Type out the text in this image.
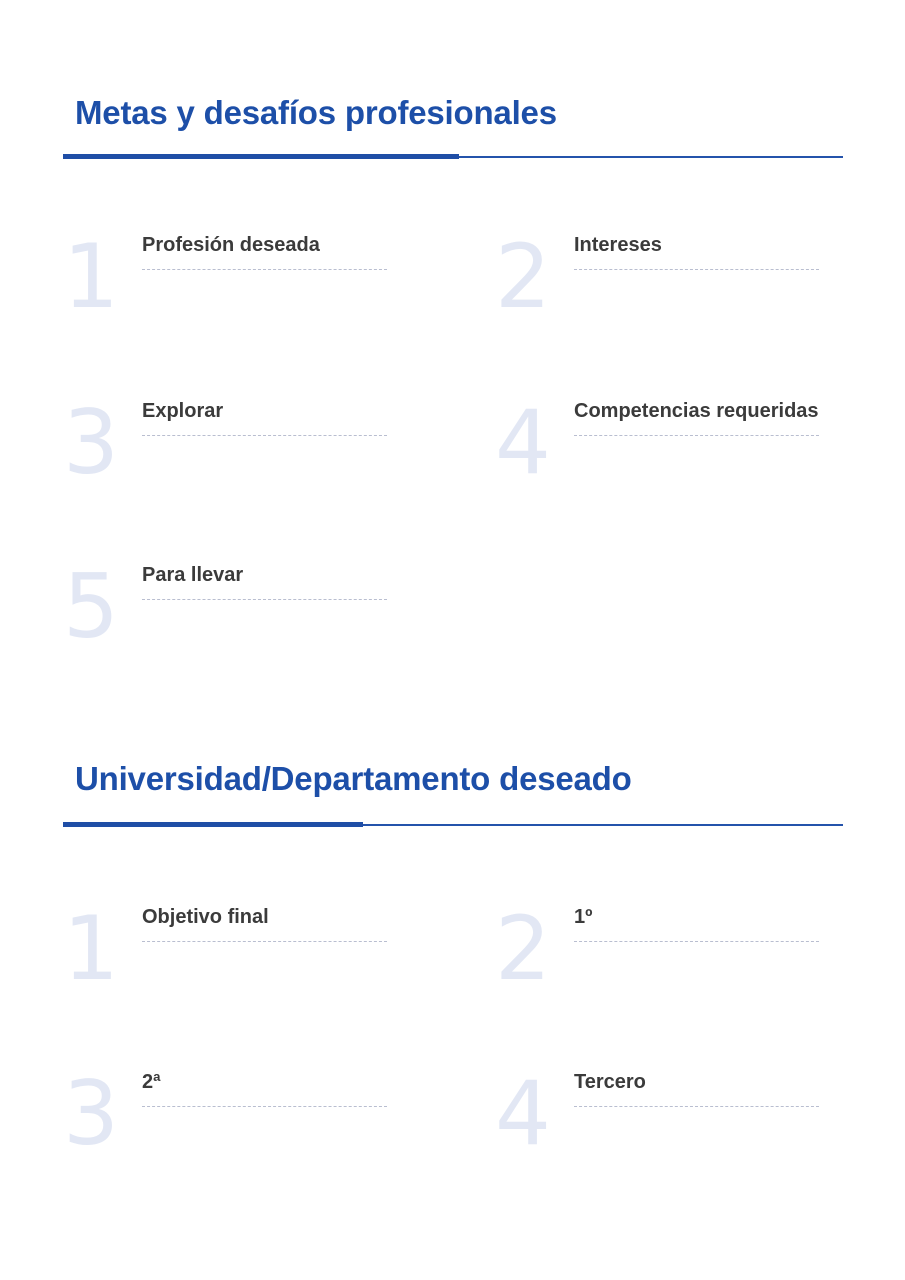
Metas y desafíos profesionales
1	Profesión deseada 2	Intereses
3	Explorar	4	Competencias requeridas
5	Para llevar
Universidad/Departamento deseado
1	Objetivo final	2	1º
3	2ª	4	Tercero
